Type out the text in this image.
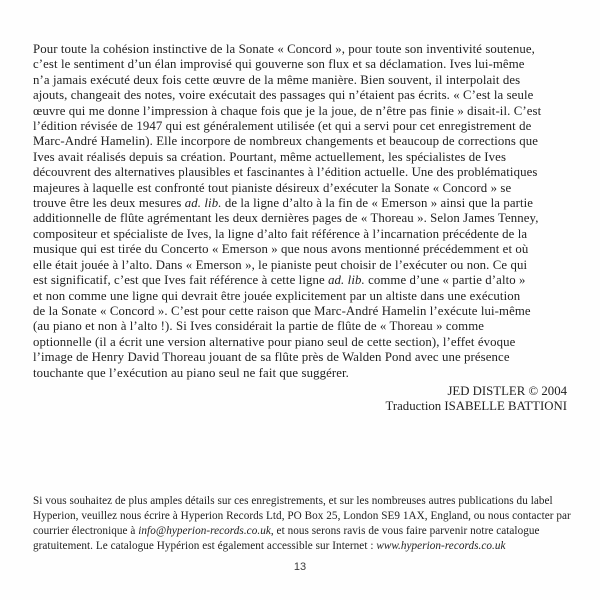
Pour toute la cohésion instinctive de la Sonate « Concord », pour toute son inventivité soutenue,
c’est le sentiment d’un élan improvisé qui gouverne son flux et sa déclamation. Ives lui-même
n’a jamais exécuté deux fois cette œuvre de la même manière. Bien souvent, il interpolait des
ajouts, changeait des notes, voire exécutait des passages qui n’étaient pas écrits. « C’est la seule
œuvre qui me donne l’impression à chaque fois que je la joue, de n’être pas finie » disait-il. C’est
l’édition révisée de 1947 qui est généralement utilisée (et qui a servi pour cet enregistrement de
Marc-André Hamelin). Elle incorpore de nombreux changements et beaucoup de corrections que
Ives avait réalisés depuis sa création. Pourtant, même actuellement, les spécialistes de Ives
découvrent des alternatives plausibles et fascinantes à l’édition actuelle. Une des problématiques
majeures à laquelle est confronté tout pianiste désireux d’exécuter la Sonate « Concord » se
trouve être les deux mesures ad. lib. de la ligne d’alto à la fin de « Emerson » ainsi que la partie
additionnelle de flûte agrémentant les deux dernières pages de « Thoreau ». Selon James Tenney,
compositeur et spécialiste de Ives, la ligne d’alto fait référence à l’incarnation précédente de la
musique qui est tirée du Concerto « Emerson » que nous avons mentionné précédemment et où
elle était jouée à l’alto. Dans « Emerson », le pianiste peut choisir de l’exécuter ou non. Ce qui
est significatif, c’est que Ives fait référence à cette ligne ad. lib. comme d’une « partie d’alto »
et non comme une ligne qui devrait être jouée explicitement par un altiste dans une exécution
de la Sonate « Concord ». C’est pour cette raison que Marc-André Hamelin l’exécute lui-même
(au piano et non à l’alto !). Si Ives considérait la partie de flûte de « Thoreau » comme
optionnelle (il a écrit une version alternative pour piano seul de cette section), l’effet évoque
l’image de Henry David Thoreau jouant de sa flûte près de Walden Pond avec une présence
touchante que l’exécution au piano seul ne fait que suggérer.
JED DISTLER © 2004
Traduction ISABELLE BATTIONI
Si vous souhaitez de plus amples détails sur ces enregistrements, et sur les nombreuses autres publications du label
Hyperion, veuillez nous écrire à Hyperion Records Ltd, PO Box 25, London SE9 1AX, England, ou nous contacter par
courrier électronique à info@hyperion-records.co.uk, et nous serons ravis de vous faire parvenir notre catalogue
gratuitement. Le catalogue Hypérion est également accessible sur Internet : www.hyperion-records.co.uk
13
